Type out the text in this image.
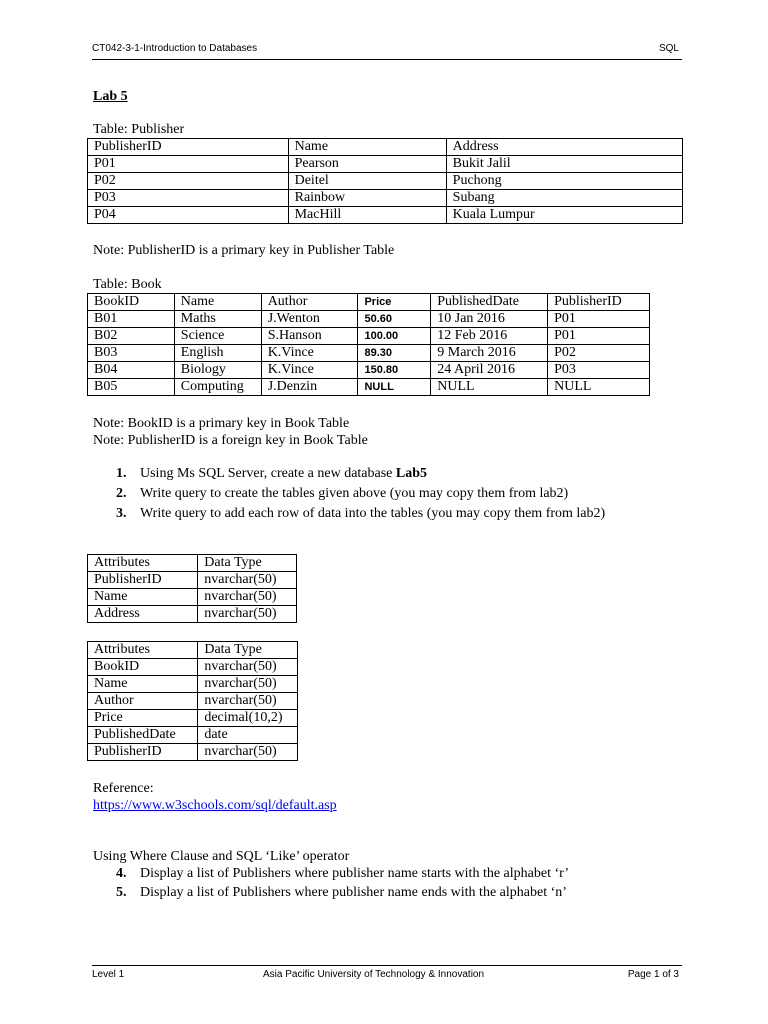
CT042-3-1-Introduction to Databases	SQL
Lab 5
Table: Publisher
PublisherID	Name	Address
P01	Pearson	Bukit Jalil
P02	Deitel	Puchong
P03	Rainbow	Subang
P04	MacHill	Kuala Lumpur
Note: PublisherID is a primary key in Publisher Table
Table: Book
BookID	Name	Author	Price	PublishedDate	PublisherID
B01	Maths	J.Wenton	50.60	10 Jan 2016	P01
B02	Science	S.Hanson	100.00	12 Feb 2016	P01
B03	English	K.Vince	89.30	9 March 2016	P02
B04	Biology	K.Vince	150.80	24 April 2016	P03
B05	Computing	J.Denzin	NULL	NULL	NULL
Note: BookID is a primary key in Book Table
Note: PublisherID is a foreign key in Book Table
1. Using Ms SQL Server, create a new database Lab5
2. Write query to create the tables given above (you may copy them from lab2)
3. Write query to add each row of data into the tables (you may copy them from lab2)
Attributes	Data Type
PublisherID	nvarchar(50)
Name	nvarchar(50)
Address	nvarchar(50)
Attributes	Data Type
BookID	nvarchar(50)
Name	nvarchar(50)
Author	nvarchar(50)
Price	decimal(10,2)
PublishedDate	date
PublisherID	nvarchar(50)
Reference:
https://www.w3schools.com/sql/default.asp
Using Where Clause and SQL ‘Like’ operator
4. Display a list of Publishers where publisher name starts with the alphabet ‘r’
5. Display a list of Publishers where publisher name ends with the alphabet ‘n’
Level 1	Asia Pacific University of Technology & Innovation	Page 1 of 3
